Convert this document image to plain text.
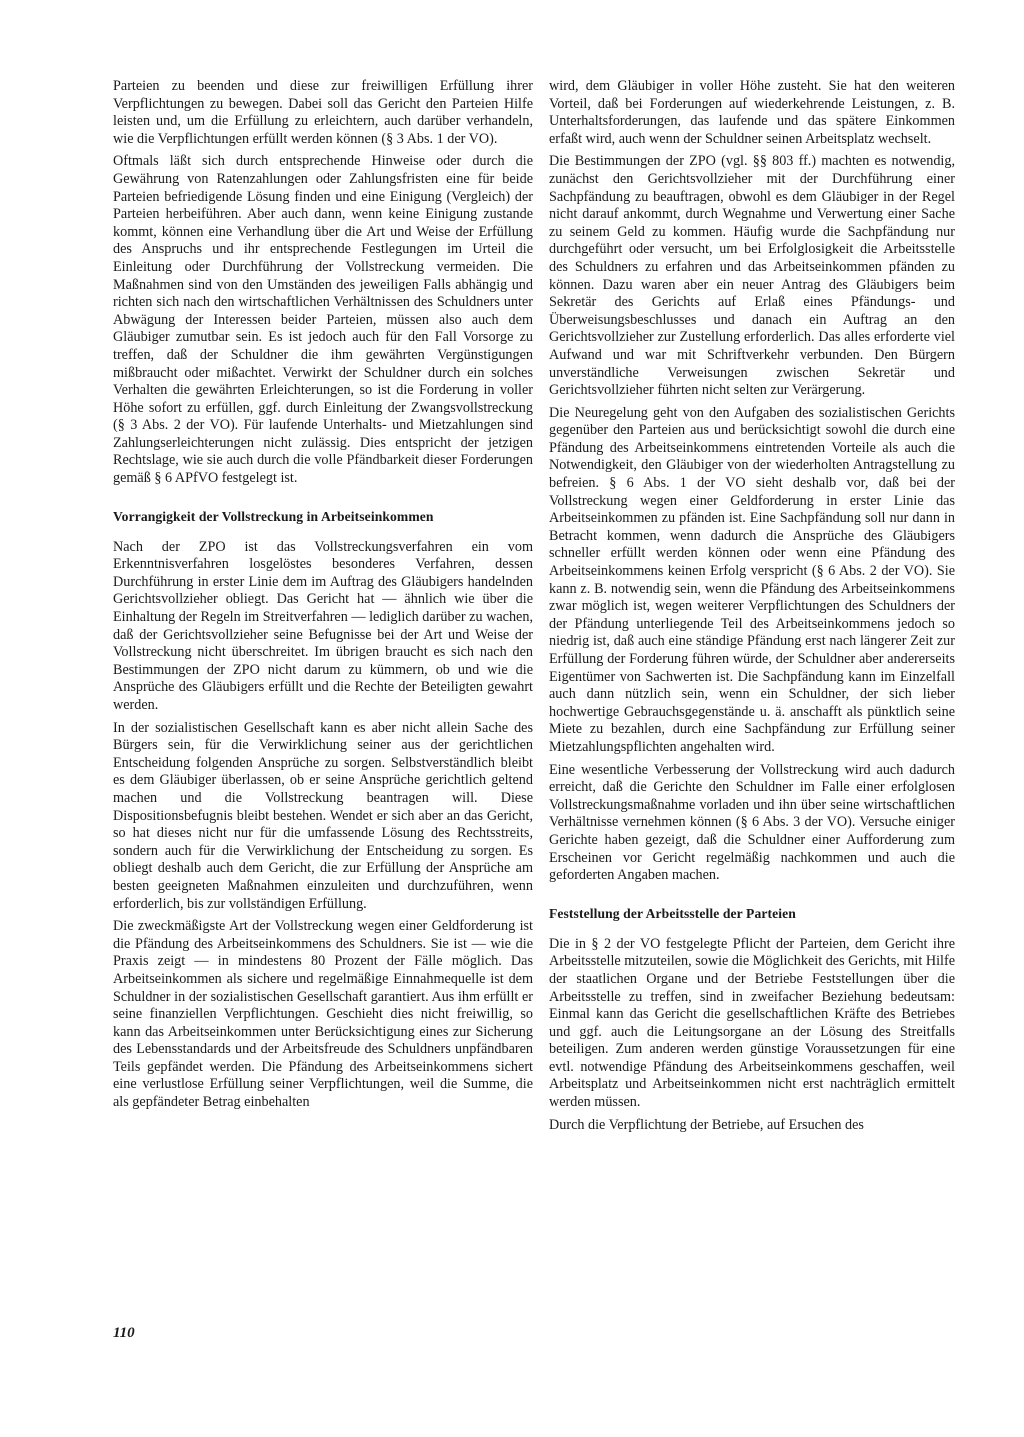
Parteien zu beenden und diese zur freiwilligen Erfüllung ihrer Verpflichtungen zu bewegen. Dabei soll das Gericht den Parteien Hilfe leisten und, um die Erfüllung zu erleichtern, auch darüber verhandeln, wie die Verpflichtungen erfüllt werden können (§ 3 Abs. 1 der VO).

Oftmals läßt sich durch entsprechende Hinweise oder durch die Gewährung von Ratenzahlungen oder Zahlungsfristen eine für beide Parteien befriedigende Lösung finden und eine Einigung (Vergleich) der Parteien herbeiführen. Aber auch dann, wenn keine Einigung zustande kommt, können eine Verhandlung über die Art und Weise der Erfüllung des Anspruchs und ihr entsprechende Festlegungen im Urteil die Einleitung oder Durchführung der Vollstreckung vermeiden. Die Maßnahmen sind von den Umständen des jeweiligen Falls abhängig und richten sich nach den wirtschaftlichen Verhältnissen des Schuldners unter Abwägung der Interessen beider Parteien, müssen also auch dem Gläubiger zumutbar sein. Es ist jedoch auch für den Fall Vorsorge zu treffen, daß der Schuldner die ihm gewährten Vergünstigungen mißbraucht oder mißachtet. Verwirkt der Schuldner durch ein solches Verhalten die gewährten Erleichterungen, so ist die Forderung in voller Höhe sofort zu erfüllen, ggf. durch Einleitung der Zwangsvollstreckung (§ 3 Abs. 2 der VO). Für laufende Unterhalts- und Mietzahlungen sind Zahlungserleichterungen nicht zulässig. Dies entspricht der jetzigen Rechtslage, wie sie auch durch die volle Pfändbarkeit dieser Forderungen gemäß § 6 APfVO festgelegt ist.

Vorrangigkeit der Vollstreckung in Arbeitseinkommen

Nach der ZPO ist das Vollstreckungsverfahren ein vom Erkenntnisverfahren losgelöstes besonderes Verfahren, dessen Durchführung in erster Linie dem im Auftrag des Gläubigers handelnden Gerichtsvollzieher obliegt. Das Gericht hat — ähnlich wie über die Einhaltung der Regeln im Streitverfahren — lediglich darüber zu wachen, daß der Gerichtsvollzieher seine Befugnisse bei der Art und Weise der Vollstreckung nicht überschreitet. Im übrigen braucht es sich nach den Bestimmungen der ZPO nicht darum zu kümmern, ob und wie die Ansprüche des Gläubigers erfüllt und die Rechte der Beteiligten gewahrt werden.

In der sozialistischen Gesellschaft kann es aber nicht allein Sache des Bürgers sein, für die Verwirklichung seiner aus der gerichtlichen Entscheidung folgenden Ansprüche zu sorgen. Selbstverständlich bleibt es dem Gläubiger überlassen, ob er seine Ansprüche gerichtlich geltend machen und die Vollstreckung beantragen will. Diese Dispositionsbefugnis bleibt bestehen. Wendet er sich aber an das Gericht, so hat dieses nicht nur für die umfassende Lösung des Rechtsstreits, sondern auch für die Verwirklichung der Entscheidung zu sorgen. Es obliegt deshalb auch dem Gericht, die zur Erfüllung der Ansprüche am besten geeigneten Maßnahmen einzuleiten und durchzuführen, wenn erforderlich, bis zur vollständigen Erfüllung.

Die zweckmäßigste Art der Vollstreckung wegen einer Geldforderung ist die Pfändung des Arbeitseinkommens des Schuldners. Sie ist — wie die Praxis zeigt — in mindestens 80 Prozent der Fälle möglich. Das Arbeitseinkommen als sichere und regelmäßige Einnahmequelle ist dem Schuldner in der sozialistischen Gesellschaft garantiert. Aus ihm erfüllt er seine finanziellen Verpflichtungen. Geschieht dies nicht freiwillig, so kann das Arbeitseinkommen unter Berücksichtigung eines zur Sicherung des Lebensstandards und der Arbeitsfreude des Schuldners unpfändbaren Teils gepfändet werden. Die Pfändung des Arbeitseinkommens sichert eine verlustlose Erfüllung seiner Verpflichtungen, weil die Summe, die als gepfändeter Betrag einbehalten

wird, dem Gläubiger in voller Höhe zusteht. Sie hat den weiteren Vorteil, daß bei Forderungen auf wiederkehrende Leistungen, z. B. Unterhaltsforderungen, das laufende und das spätere Einkommen erfaßt wird, auch wenn der Schuldner seinen Arbeitsplatz wechselt.

Die Bestimmungen der ZPO (vgl. §§ 803 ff.) machten es notwendig, zunächst den Gerichtsvollzieher mit der Durchführung einer Sachpfändung zu beauftragen, obwohl es dem Gläubiger in der Regel nicht darauf ankommt, durch Wegnahme und Verwertung einer Sache zu seinem Geld zu kommen. Häufig wurde die Sachpfändung nur durchgeführt oder versucht, um bei Erfolglosigkeit die Arbeitsstelle des Schuldners zu erfahren und das Arbeitseinkommen pfänden zu können. Dazu waren aber ein neuer Antrag des Gläubigers beim Sekretär des Gerichts auf Erlaß eines Pfändungs- und Überweisungsbeschlusses und danach ein Auftrag an den Gerichtsvollzieher zur Zustellung erforderlich. Das alles erforderte viel Aufwand und war mit Schriftverkehr verbunden. Den Bürgern unverständliche Verweisungen zwischen Sekretär und Gerichtsvollzieher führten nicht selten zur Verärgerung.

Die Neuregelung geht von den Aufgaben des sozialistischen Gerichts gegenüber den Parteien aus und berücksichtigt sowohl die durch eine Pfändung des Arbeitseinkommens eintretenden Vorteile als auch die Notwendigkeit, den Gläubiger von der wiederholten Antragstellung zu befreien. § 6 Abs. 1 der VO sieht deshalb vor, daß bei der Vollstreckung wegen einer Geldforderung in erster Linie das Arbeitseinkommen zu pfänden ist. Eine Sachpfändung soll nur dann in Betracht kommen, wenn dadurch die Ansprüche des Gläubigers schneller erfüllt werden können oder wenn eine Pfändung des Arbeitseinkommens keinen Erfolg verspricht (§ 6 Abs. 2 der VO). Sie kann z. B. notwendig sein, wenn die Pfändung des Arbeitseinkommens zwar möglich ist, wegen weiterer Verpflichtungen des Schuldners der der Pfändung unterliegende Teil des Arbeitseinkommens jedoch so niedrig ist, daß auch eine ständige Pfändung erst nach längerer Zeit zur Erfüllung der Forderung führen würde, der Schuldner aber andererseits Eigentümer von Sachwerten ist. Die Sachpfändung kann im Einzelfall auch dann nützlich sein, wenn ein Schuldner, der sich lieber hochwertige Gebrauchsgegenstände u. ä. anschafft als pünktlich seine Miete zu bezahlen, durch eine Sachpfändung zur Erfüllung seiner Mietzahlungspflichten angehalten wird.

Eine wesentliche Verbesserung der Vollstreckung wird auch dadurch erreicht, daß die Gerichte den Schuldner im Falle einer erfolglosen Vollstreckungsmaßnahme vorladen und ihn über seine wirtschaftlichen Verhältnisse vernehmen können (§ 6 Abs. 3 der VO). Versuche einiger Gerichte haben gezeigt, daß die Schuldner einer Aufforderung zum Erscheinen vor Gericht regelmäßig nachkommen und auch die geforderten Angaben machen.

Feststellung der Arbeitsstelle der Parteien

Die in § 2 der VO festgelegte Pflicht der Parteien, dem Gericht ihre Arbeitsstelle mitzuteilen, sowie die Möglichkeit des Gerichts, mit Hilfe der staatlichen Organe und der Betriebe Feststellungen über die Arbeitsstelle zu treffen, sind in zweifacher Beziehung bedeutsam: Einmal kann das Gericht die gesellschaftlichen Kräfte des Betriebes und ggf. auch die Leitungsorgane an der Lösung des Streitfalls beteiligen. Zum anderen werden günstige Voraussetzungen für eine evtl. notwendige Pfändung des Arbeitseinkommens geschaffen, weil Arbeitsplatz und Arbeitseinkommen nicht erst nachträglich ermittelt werden müssen.

Durch die Verpflichtung der Betriebe, auf Ersuchen des

110
